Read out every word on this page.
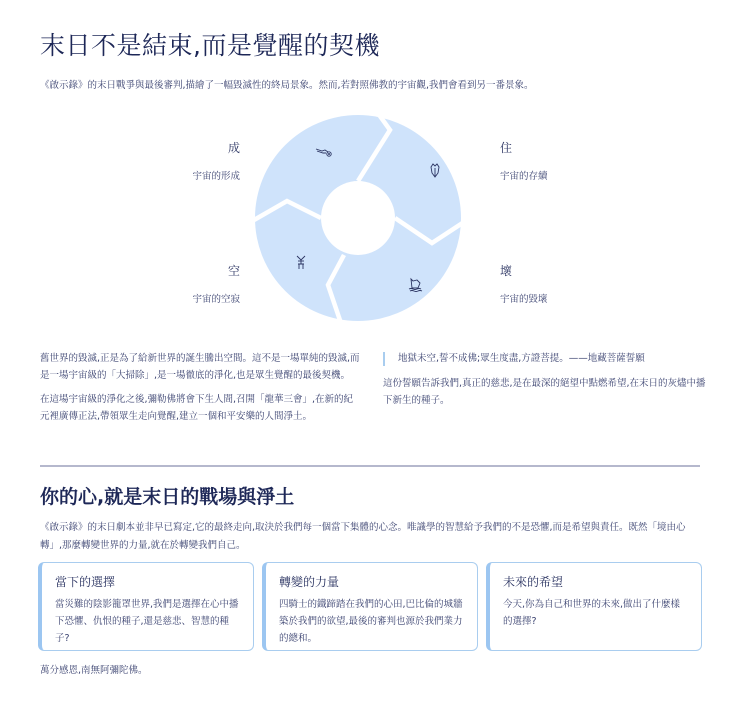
末日不是結束,而是覺醒的契機

《啟示錄》的末日戰爭與最後審判,描繪了一幅毀滅性的終局景象。然而,若對照佛教的宇宙觀,我們會看到另一番景象。

成
宇宙的形成
住
宇宙的存續
壞
宇宙的毀壞
空
宇宙的空寂

舊世界的毀滅,正是為了給新世界的誕生騰出空間。這不是一場單純的毀滅,而是一場宇宙級的「大掃除」,是一場徹底的淨化,也是眾生覺醒的最後契機。

在這場宇宙級的淨化之後,彌勒佛將會下生人間,召開「龍華三會」,在新的紀元裡廣傳正法,帶領眾生走向覺醒,建立一個和平安樂的人間淨土。

地獄未空,誓不成佛;眾生度盡,方證菩提。——地藏菩薩誓願

這份誓願告訴我們,真正的慈悲,是在最深的絕望中點燃希望,在末日的灰燼中播下新生的種子。

你的心,就是末日的戰場與淨土

《啟示錄》的末日劇本並非早已寫定,它的最終走向,取決於我們每一個當下集體的心念。唯識學的智慧給予我們的不是恐懼,而是希望與責任。既然「境由心轉」,那麼轉變世界的力量,就在於轉變我們自己。

當下的選擇
當災難的陰影籠罩世界,我們是選擇在心中播下恐懼、仇恨的種子,還是慈悲、智慧的種子?
轉變的力量
四騎士的鐵蹄踏在我們的心田,巴比倫的城牆築於我們的欲望,最後的審判也源於我們業力的總和。
未來的希望
今天,你為自己和世界的未來,做出了什麼樣的選擇?

萬分感恩,南無阿彌陀佛。
